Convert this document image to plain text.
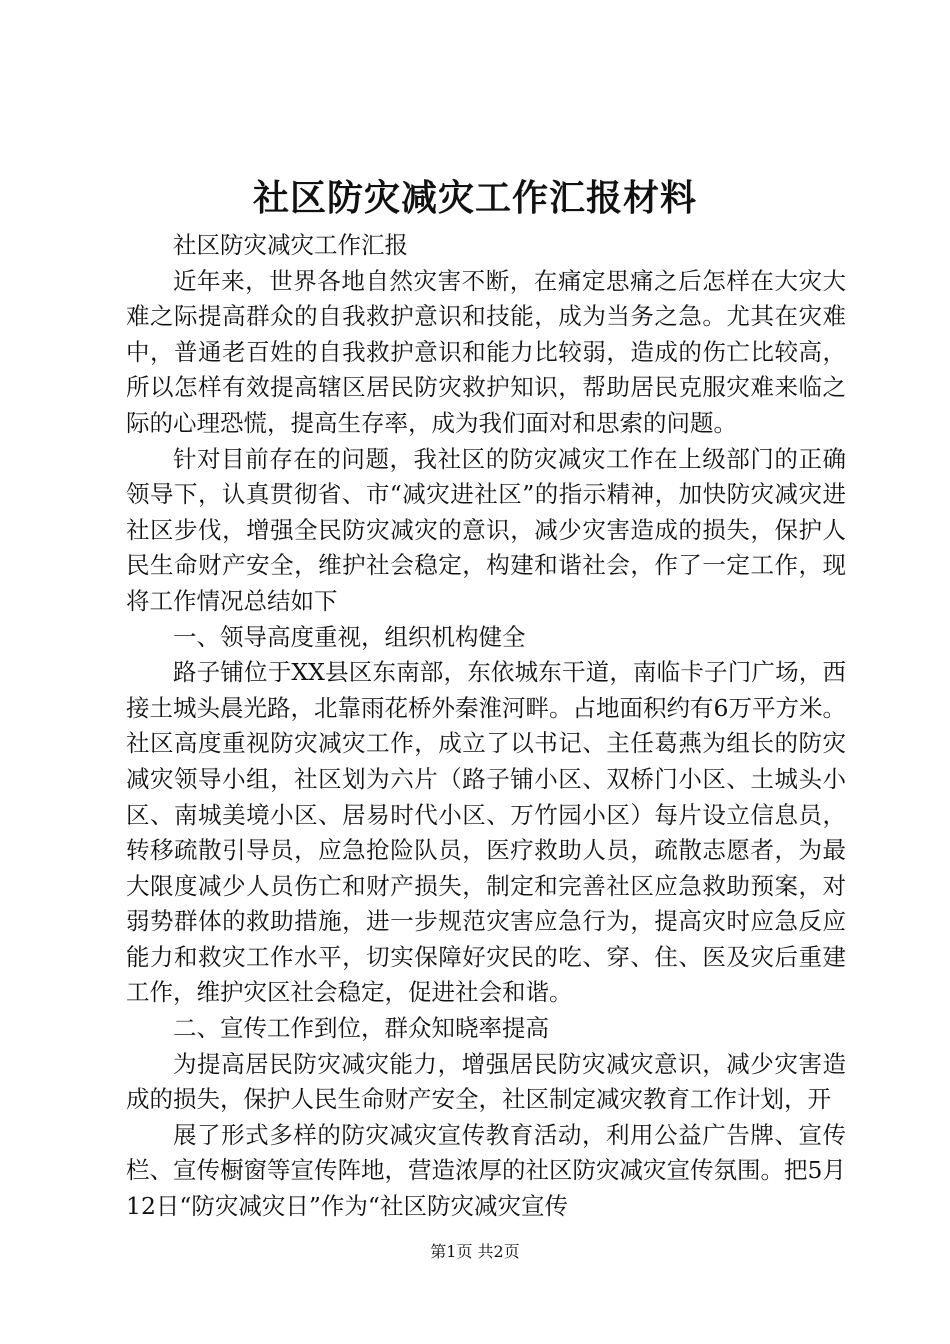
社区防灾减灾工作汇报材料

社区防灾减灾工作汇报

近年来，世界各地自然灾害不断，在痛定思痛之后怎样在大灾大难之际提高群众的自我救护意识和技能，成为当务之急。尤其在灾难中，普通老百姓的自我救护意识和能力比较弱，造成的伤亡比较高，所以怎样有效提高辖区居民防灾救护知识，帮助居民克服灾难来临之际的心理恐慌，提高生存率，成为我们面对和思索的问题。

针对目前存在的问题，我社区的防灾减灾工作在上级部门的正确领导下，认真贯彻省、市“减灾进社区”的指示精神，加快防灾减灾进社区步伐，增强全民防灾减灾的意识，减少灾害造成的损失，保护人民生命财产安全，维护社会稳定，构建和谐社会，作了一定工作，现将工作情况总结如下

一、领导高度重视，组织机构健全

路子铺位于XX县区东南部，东依城东干道，南临卡子门广场，西接土城头晨光路，北靠雨花桥外秦淮河畔。占地面积约有6万平方米。社区高度重视防灾减灾工作，成立了以书记、主任葛燕为组长的防灾减灾领导小组，社区划为六片（路子铺小区、双桥门小区、土城头小区、南城美境小区、居易时代小区、万竹园小区）每片设立信息员，转移疏散引导员，应急抢险队员，医疗救助人员，疏散志愿者，为最大限度减少人员伤亡和财产损失，制定和完善社区应急救助预案，对弱势群体的救助措施，进一步规范灾害应急行为，提高灾时应急反应能力和救灾工作水平，切实保障好灾民的吃、穿、住、医及灾后重建工作，维护灾区社会稳定，促进社会和谐。

二、宣传工作到位，群众知晓率提高

为提高居民防灾减灾能力，增强居民防灾减灾意识，减少灾害造成的损失，保护人民生命财产安全，社区制定减灾教育工作计划，开

展了形式多样的防灾减灾宣传教育活动，利用公益广告牌、宣传栏、宣传橱窗等宣传阵地，营造浓厚的社区防灾减灾宣传氛围。把5月12日“防灾减灾日”作为“社区防灾减灾宣传

第1页 共2页
